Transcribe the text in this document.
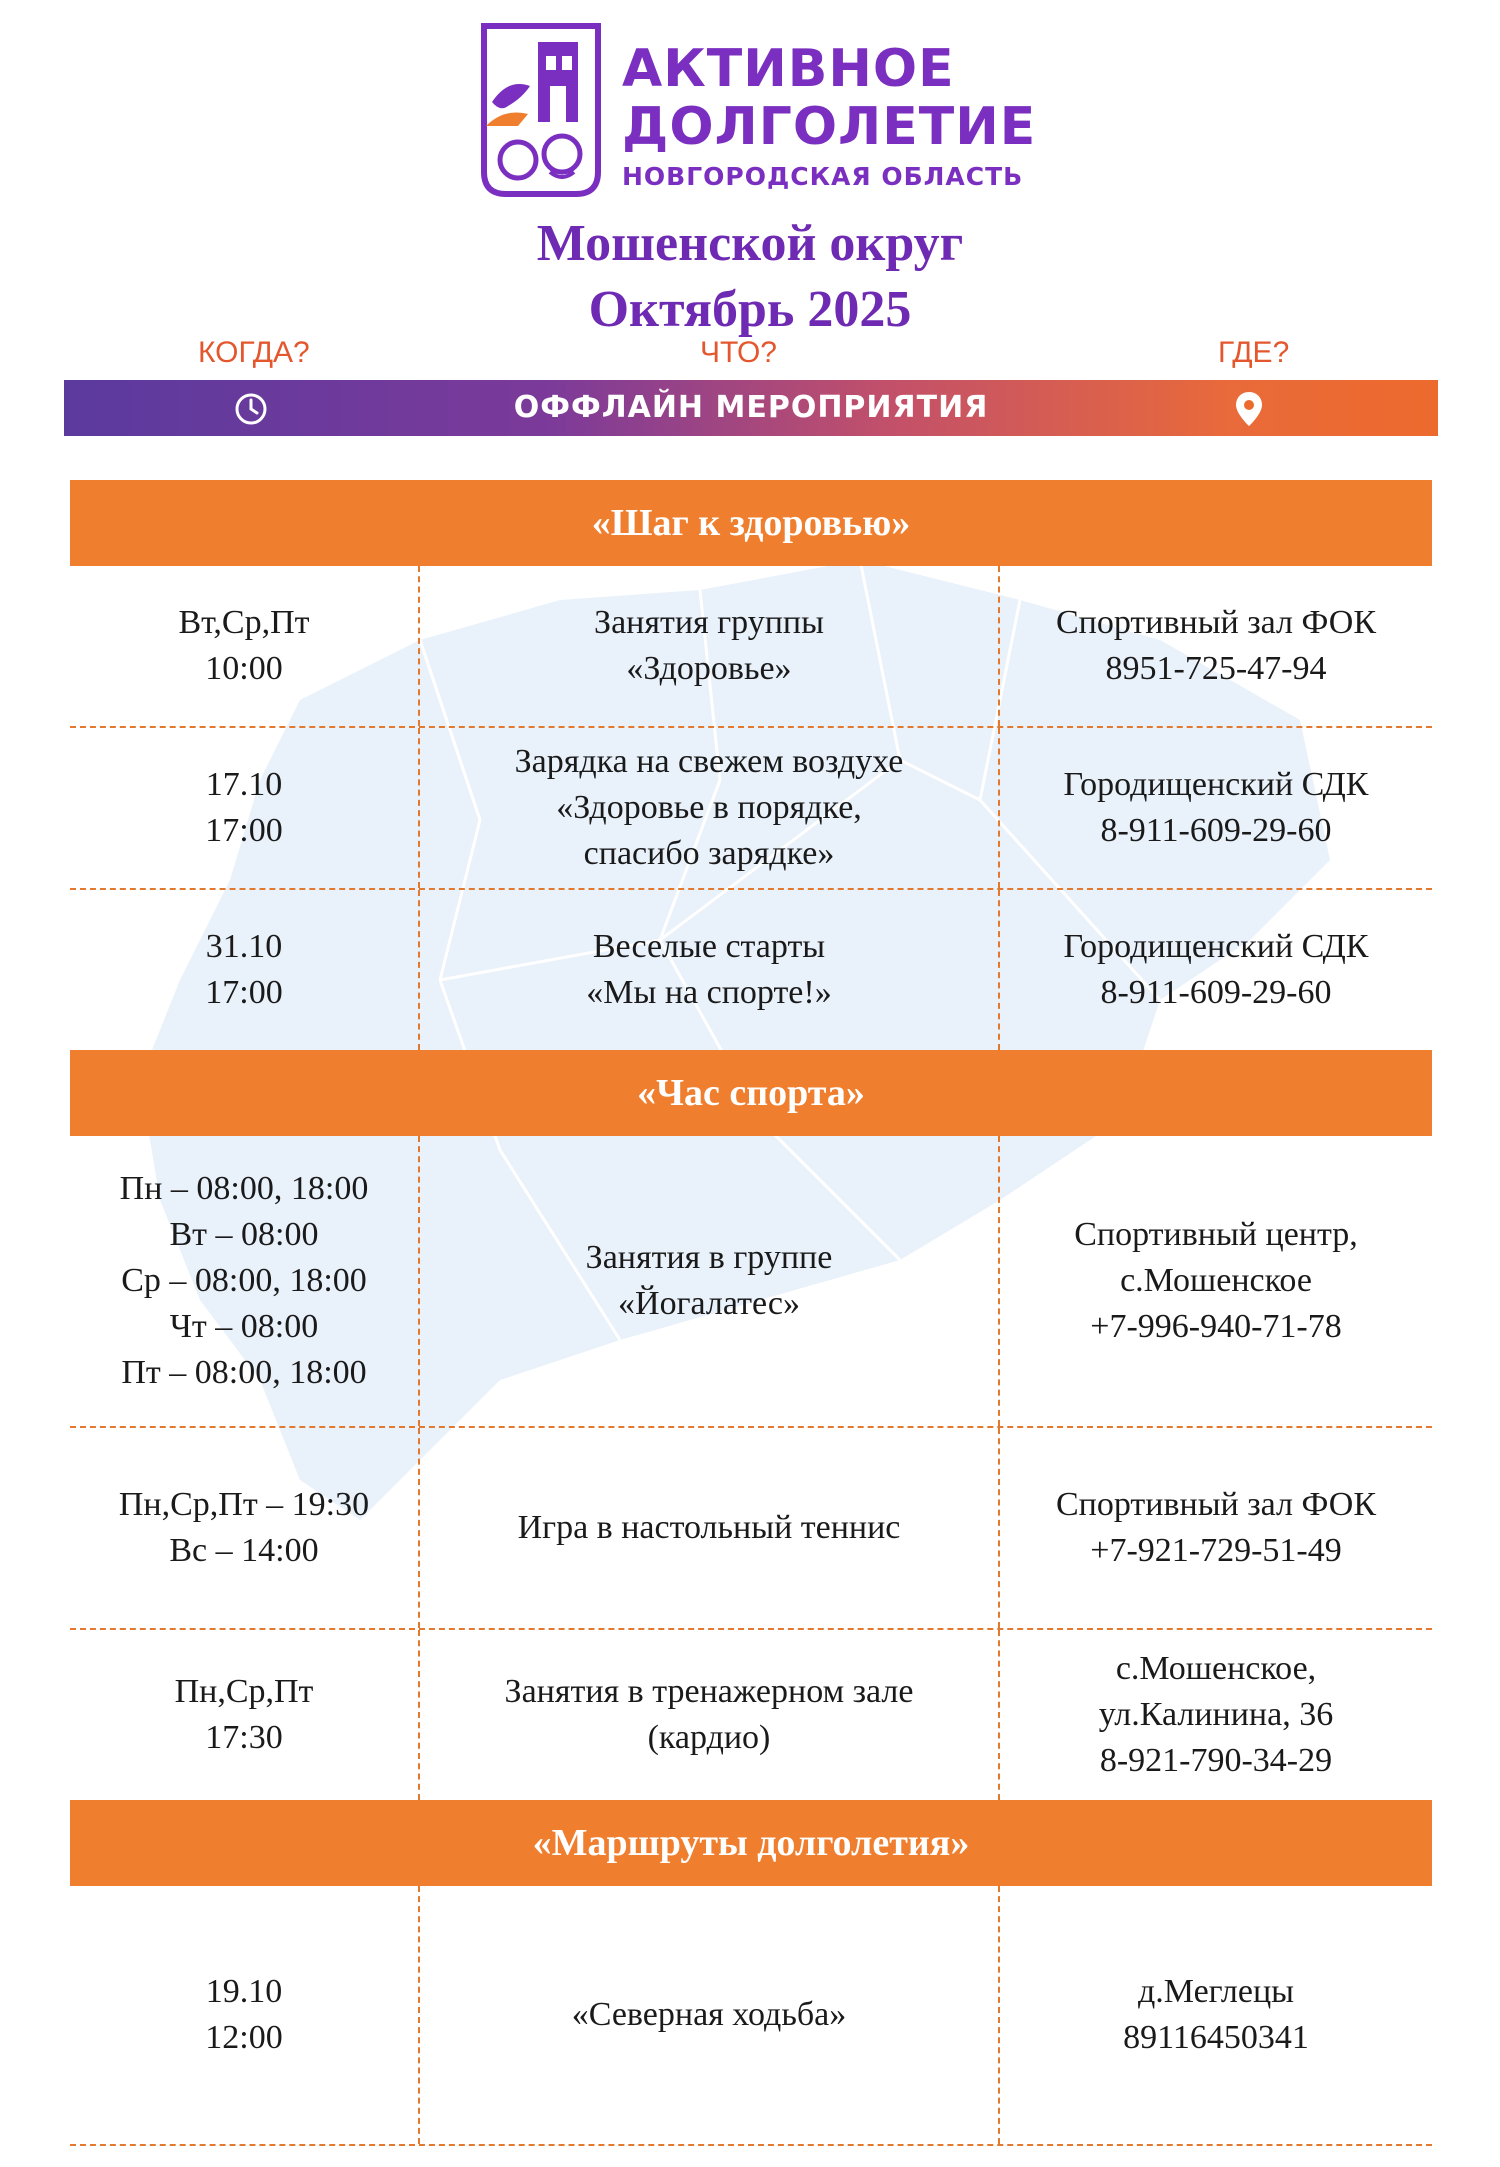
АКТИВНОЕ
ДОЛГОЛЕТИЕ
НОВГОРОДСКАЯ ОБЛАСТЬ
Мошенской округ
Октябрь 2025
КОГДА?	ЧТО?	ГДЕ?
ОФФЛАЙН МЕРОПРИЯТИЯ
«Шаг к здоровью»
Вт,Ср,Пт
10:00
Занятия группы
«Здоровье»
Спортивный зал ФОК
8951-725-47-94
17.10
17:00
Зарядка на свежем воздухе
«Здоровье в порядке,
спасибо зарядке»
Городищенский СДК
8-911-609-29-60
31.10
17:00
Веселые старты
«Мы на спорте!»
Городищенский СДК
8-911-609-29-60
«Час спорта»
Пн – 08:00, 18:00
Вт – 08:00
Ср – 08:00, 18:00
Чт – 08:00
Пт – 08:00, 18:00
Занятия в группе
«Йогалатес»
Спортивный центр,
с.Мошенское
+7-996-940-71-78
Пн,Ср,Пт – 19:30
Вс – 14:00
Игра в настольный теннис
Спортивный зал ФОК
+7-921-729-51-49
Пн,Ср,Пт
17:30
Занятия в тренажерном зале
(кардио)
с.Мошенское,
ул.Калинина, 36
8-921-790-34-29
«Маршруты долголетия»
19.10
12:00
«Северная ходьба»
д.Меглецы
89116450341
